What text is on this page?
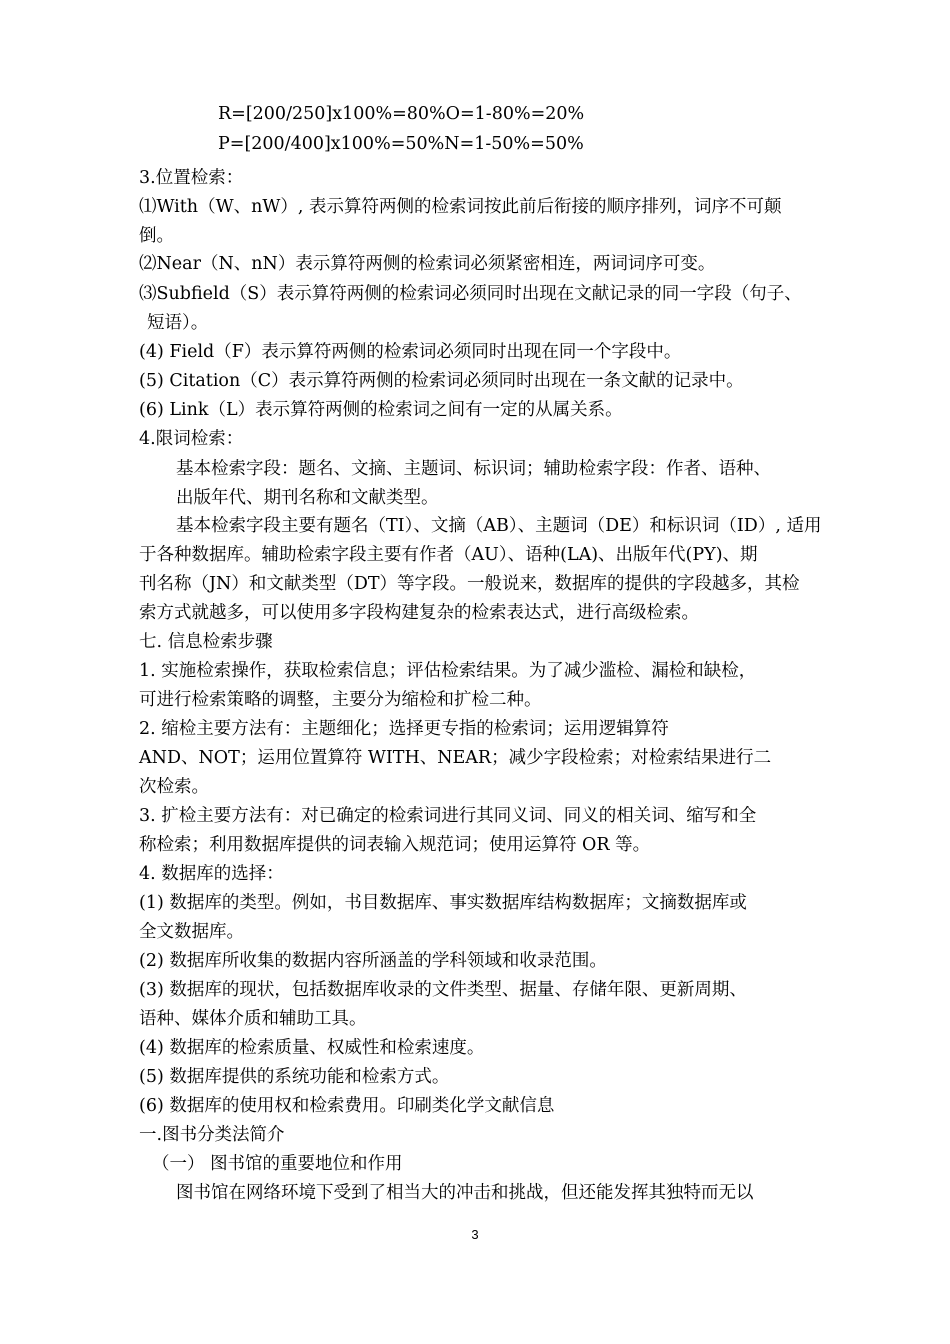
R=[200/250]x100%=80%O=1-80%=20%
P=[200/400]x100%=50%N=1-50%=50%
3.位置检索：
⑴With（W、nW）, 表示算符两侧的检索词按此前后衔接的顺序排列，词序不可颠
倒。
⑵Near（N、nN）表示算符两侧的检索词必须紧密相连，两词词序可变。
⑶Subfield（S）表示算符两侧的检索词必须同时出现在文献记录的同一字段（句子、
短语）。
(4) Field（F）表示算符两侧的检索词必须同时出现在同一个字段中。
(5) Citation（C）表示算符两侧的检索词必须同时出现在一条文献的记录中。
(6) Link（L）表示算符两侧的检索词之间有一定的从属关系。
4.限词检索：
基本检索字段：题名、文摘、主题词、标识词；辅助检索字段：作者、语种、
出版年代、期刊名称和文献类型。
基本检索字段主要有题名（TI）、文摘（AB）、主题词（DE）和标识词（ID）, 适用
于各种数据库。辅助检索字段主要有作者（AU）、语种(LA)、出版年代(PY)、期
刊名称（JN）和文献类型（DT）等字段。一般说来，数据库的提供的字段越多，其检
索方式就越多，可以使用多字段构建复杂的检索表达式，进行高级检索。
七. 信息检索步骤
1. 实施检索操作，获取检索信息；评估检索结果。为了减少滥检、漏检和缺检，
可进行检索策略的调整，主要分为缩检和扩检二种。
2. 缩检主要方法有：主题细化；选择更专指的检索词；运用逻辑算符
AND、NOT；运用位置算符 WITH、NEAR；减少字段检索；对检索结果进行二
次检索。
3. 扩检主要方法有：对已确定的检索词进行其同义词、同义的相关词、缩写和全
称检索；利用数据库提供的词表输入规范词；使用运算符 OR 等。
4. 数据库的选择：
(1) 数据库的类型。例如，书目数据库、事实数据库结构数据库；文摘数据库或
全文数据库。
(2) 数据库所收集的数据内容所涵盖的学科领域和收录范围。
(3) 数据库的现状，包括数据库收录的文件类型、据量、存储年限、更新周期、
语种、媒体介质和辅助工具。
(4) 数据库的检索质量、权威性和检索速度。
(5) 数据库提供的系统功能和检索方式。
(6) 数据库的使用权和检索费用。印刷类化学文献信息
一.图书分类法简介
（一） 图书馆的重要地位和作用
图书馆在网络环境下受到了相当大的冲击和挑战，但还能发挥其独特而无以
3
